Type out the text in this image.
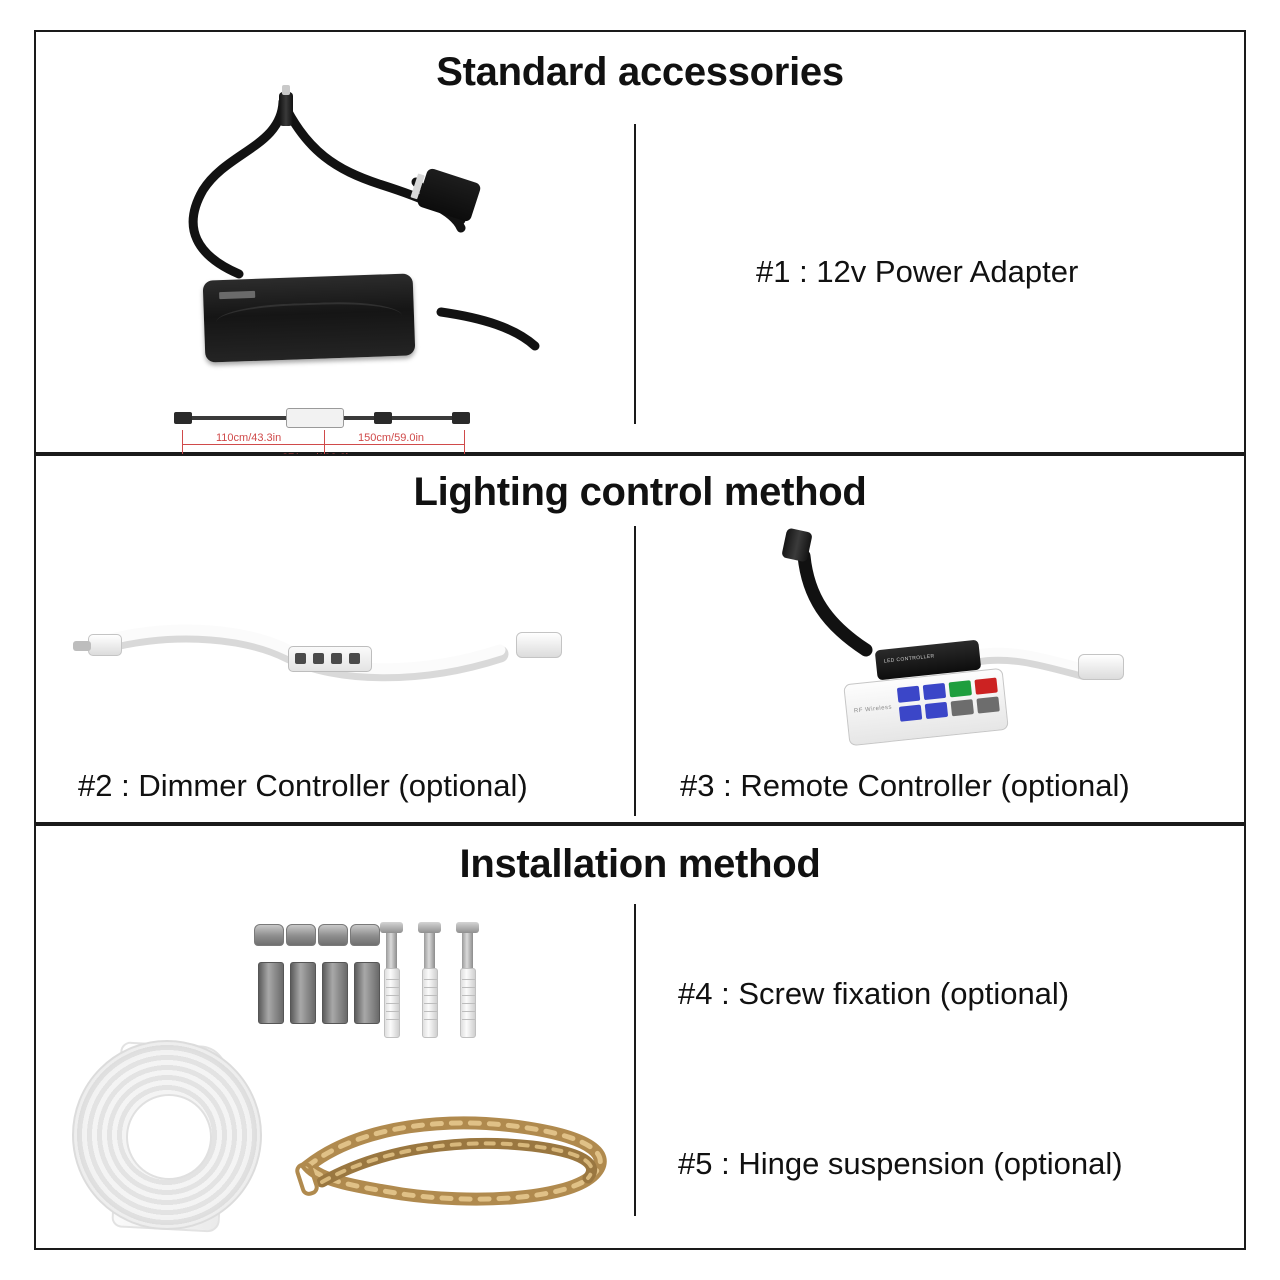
Standard accessories
110cm/43.3in	150cm/59.0in
#1 : 12v Power Adapter
Lighting control method
LED CONTROLLER
RF Wireless
#2 : Dimmer Controller (optional)	#3 : Remote Controller (optional)
Installation method
#4 : Screw fixation (optional)
#5 : Hinge suspension (optional)
